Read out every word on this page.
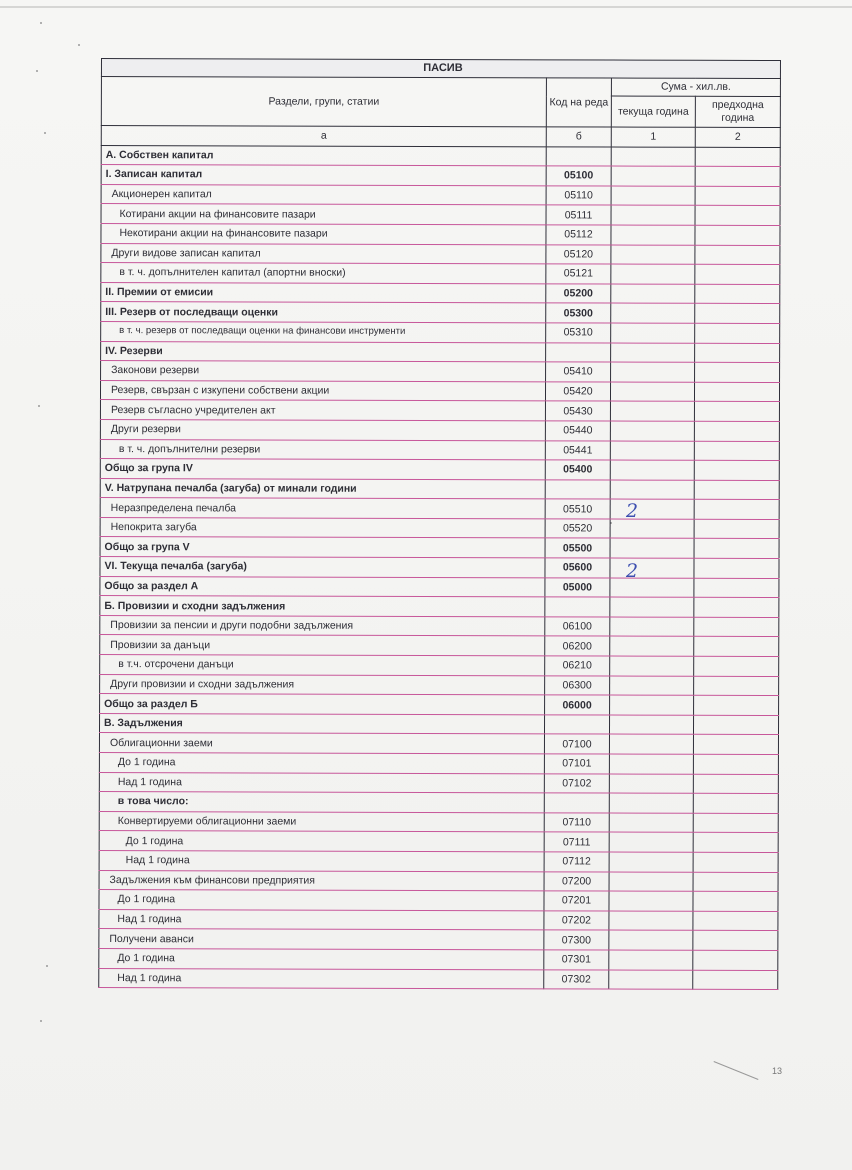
ПАСИВ			
Раздели, групи, статии	Код на реда	Сума - хил.лв.	
		текуща година	предходна година
а	б	1	2
А. Собствен капитал			
I. Записан капитал	05100		
Акционерен капитал	05110		
Котирани акции на финансовите пазари	05111		
Некотирани акции на финансовите пазари	05112		
Други видове записан капитал	05120		
в т. ч. допълнителен капитал (апортни вноски)	05121		
II. Премии от емисии	05200		
III. Резерв от последващи оценки	05300		
в т. ч. резерв от последващи оценки на финансови инструменти	05310		
IV. Резерви			
Законови резерви	05410		
Резерв, свързан с изкупени собствени акции	05420		
Резерв съгласно учредителен акт	05430		
Други резерви	05440		
в т. ч. допълнителни резерви	05441		
Общо за група IV	05400		
V. Натрупана печалба (загуба) от минали години			
Неразпределена печалба	05510		
Непокрита загуба	05520		
Общо за група V	05500		
VI. Текуща печалба (загуба)	05600		
Общо за раздел А	05000		
Б. Провизии и сходни задължения			
Провизии за пенсии и други подобни задължения	06100		
Провизии за данъци	06200		
в т.ч. отсрочени данъци	06210		
Други провизии и сходни задължения	06300		
Общо за раздел Б	06000		
В. Задължения			
Облигационни заеми	07100		
До 1 година	07101		
Над 1 година	07102		
в това число:			
Конвертируеми облигационни заеми	07110		
До 1 година	07111		
Над 1 година	07112		
Задължения към финансови предприятия	07200		
До 1 година	07201		
Над 1 година	07202		
Получени аванси	07300		
До 1 година	07301		
Над 1 година	07302		
2
2
13
